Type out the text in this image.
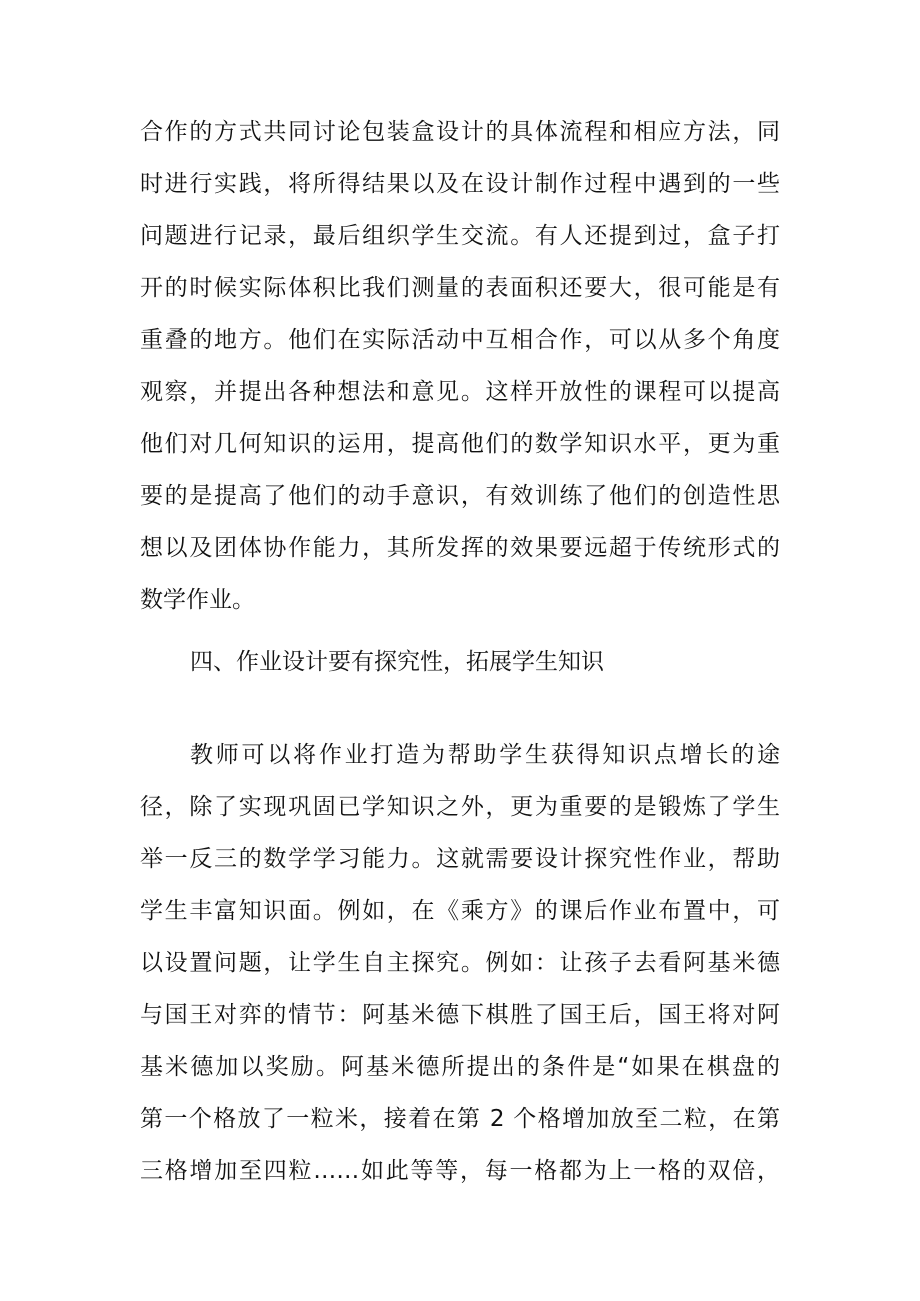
合作的方式共同讨论包装盒设计的具体流程和相应方法，同
时进行实践，将所得结果以及在设计制作过程中遇到的一些
问题进行记录，最后组织学生交流。有人还提到过，盒子打
开的时候实际体积比我们测量的表面积还要大，很可能是有
重叠的地方。他们在实际活动中互相合作，可以从多个角度
观察，并提出各种想法和意见。这样开放性的课程可以提高
他们对几何知识的运用，提高他们的数学知识水平，更为重
要的是提高了他们的动手意识，有效训练了他们的创造性思
想以及团体协作能力，其所发挥的效果要远超于传统形式的
数学作业。
四、作业设计要有探究性，拓展学生知识
教师可以将作业打造为帮助学生获得知识点增长的途
径，除了实现巩固已学知识之外，更为重要的是锻炼了学生
举一反三的数学学习能力。这就需要设计探究性作业，帮助
学生丰富知识面。例如，在《乘方》的课后作业布置中，可
以设置问题，让学生自主探究。例如：让孩子去看阿基米德
与国王对弈的情节：阿基米德下棋胜了国王后，国王将对阿
基米德加以奖励。阿基米德所提出的条件是“如果在棋盘的
第一个格放了一粒米，接着在第 2 个格增加放至二粒，在第
三格增加至四粒……如此等等，每一格都为上一格的双倍，
